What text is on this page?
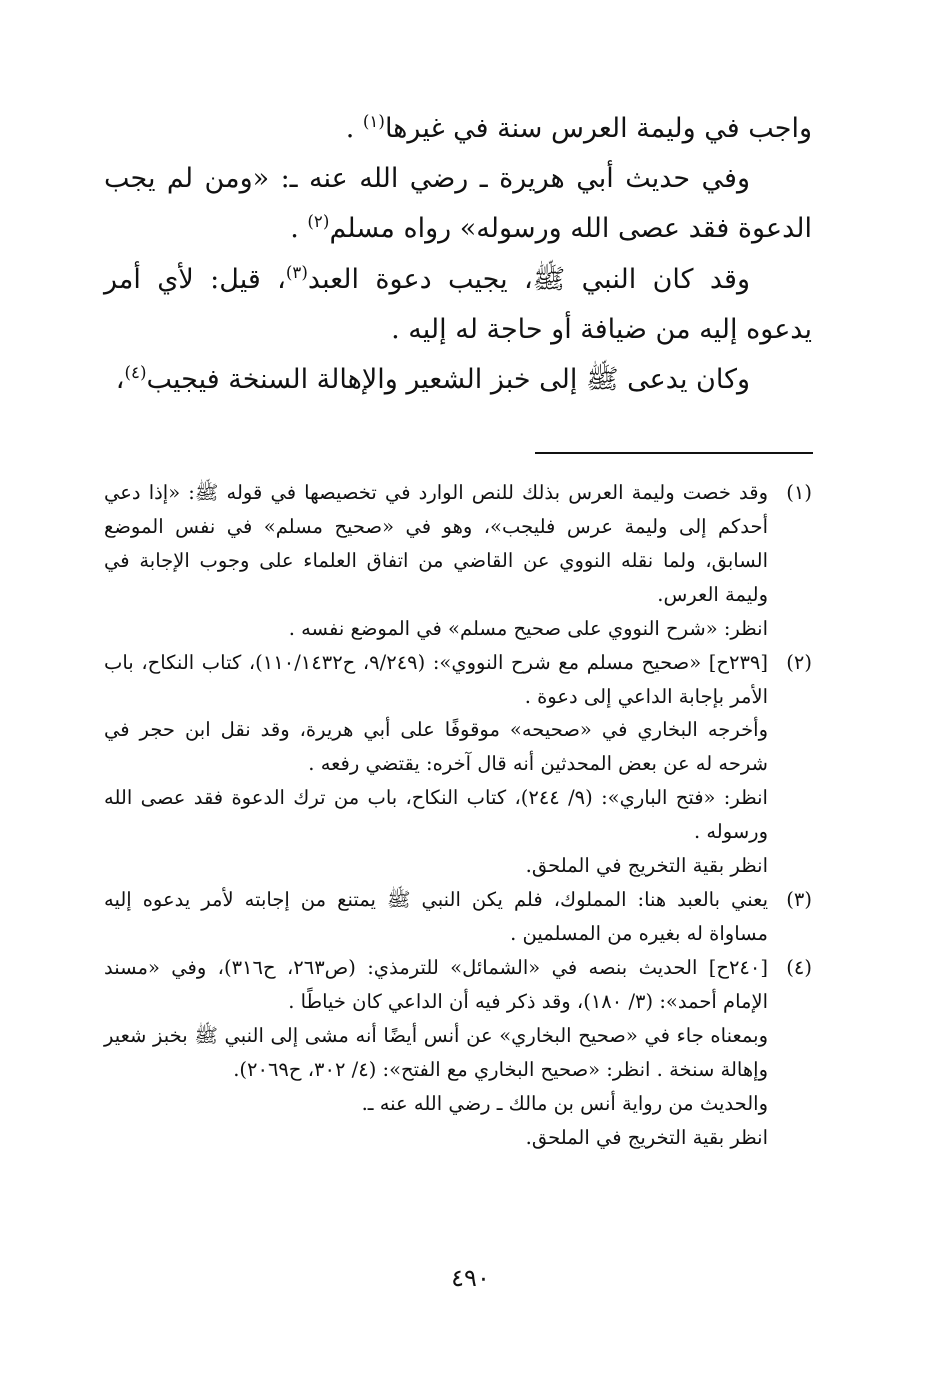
واجب في وليمة العرس سنة في غيرها$^{(١)}$ .

وفي حديث أبي هريرة ـ رضي الله عنه ـ: «ومن لم يجب الدعوة فقد عصى الله ورسوله» رواه مسلم$^{(٢)}$ .

وقد كان النبي ﷺ، يجيب دعوة العبد$^{(٣)}$، قيل: لأي أمر يدعوه إليه من ضيافة أو حاجة له إليه .

وكان يدعى ﷺ إلى خبز الشعير والإهالة السنخة فيجيب$^{(٤)}$،

(١)

وقد خصت وليمة العرس بذلك للنص الوارد في تخصيصها في قوله ﷺ: «إذا دعي أحدكم إلى وليمة عرس فليجب»، وهو في «صحيح مسلم» في نفس الموضع السابق، ولما نقله النووي عن القاضي من اتفاق العلماء على وجوب الإجابة في وليمة العرس.

انظر: «شرح النووي على صحيح مسلم» في الموضع نفسه .

(٢)

[٢٣٩ح] «صحيح مسلم مع شرح النووي»: (٩/٢٤٩، ح١١٠/١٤٣٢)، كتاب النكاح، باب الأمر بإجابة الداعي إلى دعوة .

وأخرجه البخاري في «صحيحه» موقوفًا على أبي هريرة، وقد نقل ابن حجر في شرحه له عن بعض المحدثين أنه قال آخره: يقتضي رفعه .

انظر: «فتح الباري»: (٩/ ٢٤٤)، كتاب النكاح، باب من ترك الدعوة فقد عصى الله ورسوله .

انظر بقية التخريج في الملحق.

(٣)

يعني بالعبد هنا: المملوك، فلم يكن النبي ﷺ يمتنع من إجابته لأمر يدعوه إليه مساواة له بغيره من المسلمين .

(٤)

[٢٤٠ح] الحديث بنصه في «الشمائل» للترمذي: (ص٢٦٣، ح٣١٦)، وفي «مسند الإمام أحمد»: (٣/ ١٨٠)، وقد ذكر فيه أن الداعي كان خياطًا .

وبمعناه جاء في «صحيح البخاري» عن أنس أيضًا أنه مشى إلى النبي ﷺ بخبز شعير وإهالة سنخة . انظر: «صحيح البخاري مع الفتح»: (٤/ ٣٠٢، ح٢٠٦٩).

والحديث من رواية أنس بن مالك ـ رضي الله عنه ـ.

انظر بقية التخريج في الملحق.

٤٩٠
